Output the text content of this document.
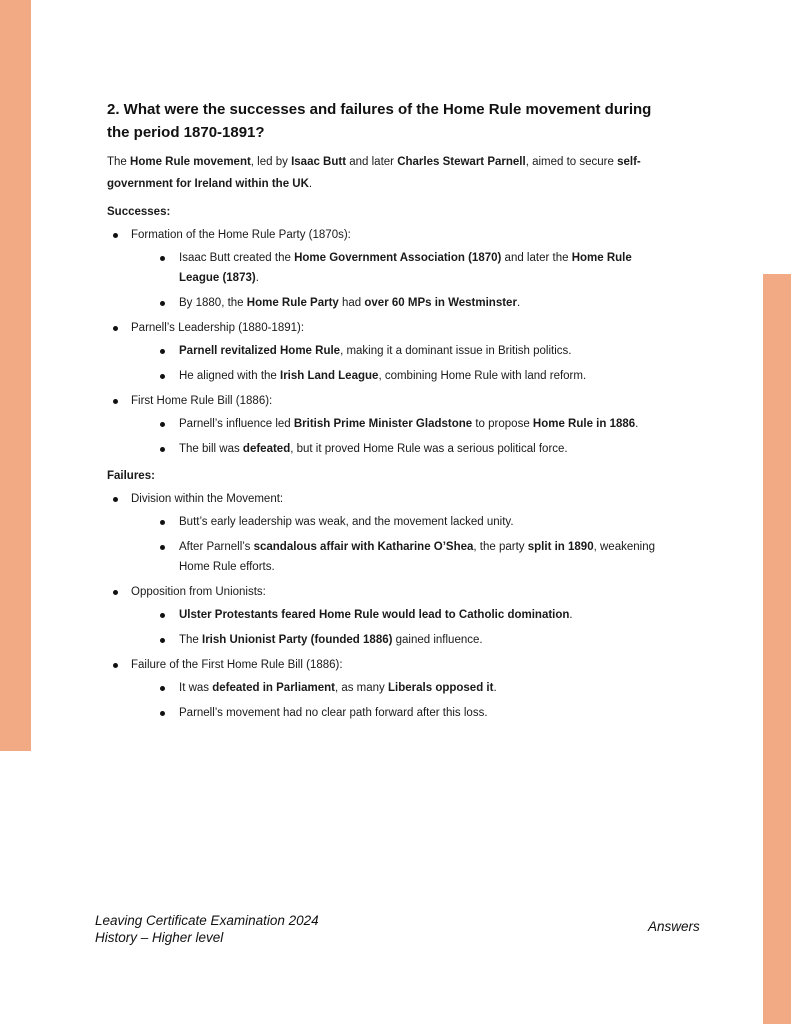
2. What were the successes and failures of the Home Rule movement during
the period 1870-1891?

The Home Rule movement, led by Isaac Butt and later Charles Stewart Parnell, aimed to secure self-government for Ireland within the UK.

Successes:
Formation of the Home Rule Party (1870s):
Isaac Butt created the Home Government Association (1870) and later the Home Rule League (1873).
By 1880, the Home Rule Party had over 60 MPs in Westminster.
Parnell’s Leadership (1880-1891):
Parnell revitalized Home Rule, making it a dominant issue in British politics.
He aligned with the Irish Land League, combining Home Rule with land reform.
First Home Rule Bill (1886):
Parnell’s influence led British Prime Minister Gladstone to propose Home Rule in 1886.
The bill was defeated, but it proved Home Rule was a serious political force.
Failures:
Division within the Movement:
Butt’s early leadership was weak, and the movement lacked unity.
After Parnell’s scandalous affair with Katharine O’Shea, the party split in 1890, weakening Home Rule efforts.
Opposition from Unionists:
Ulster Protestants feared Home Rule would lead to Catholic domination.
The Irish Unionist Party (founded 1886) gained influence.
Failure of the First Home Rule Bill (1886):
It was defeated in Parliament, as many Liberals opposed it.
Parnell’s movement had no clear path forward after this loss.
Leaving Certificate Examination 2024
History – Higher level
Answers
